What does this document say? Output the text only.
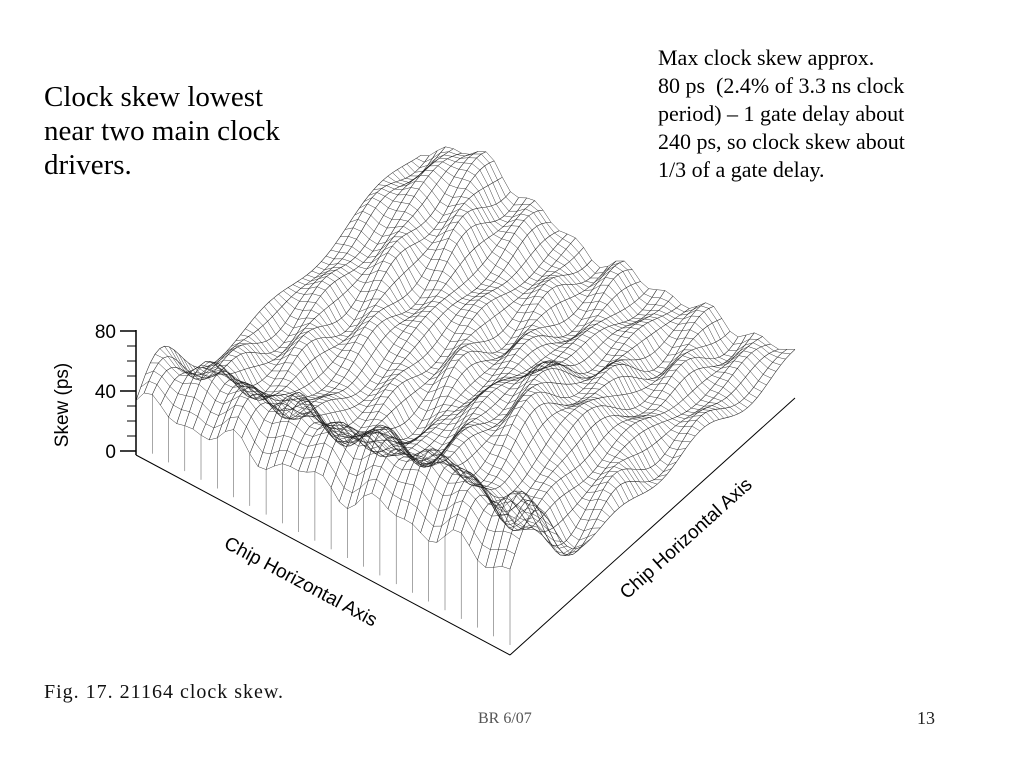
Clock skew lowest
near two main clock
drivers.
Max clock skew approx.
80 ps  (2.4% of 3.3 ns clock
period) – 1 gate delay about
240 ps, so clock skew about
1/3 of a gate delay.
80
40
0
Skew (ps)
Chip Horizontal Axis	Chip Horizontal Axis
Fig. 17. 21164 clock skew.
BR 6/07	13
